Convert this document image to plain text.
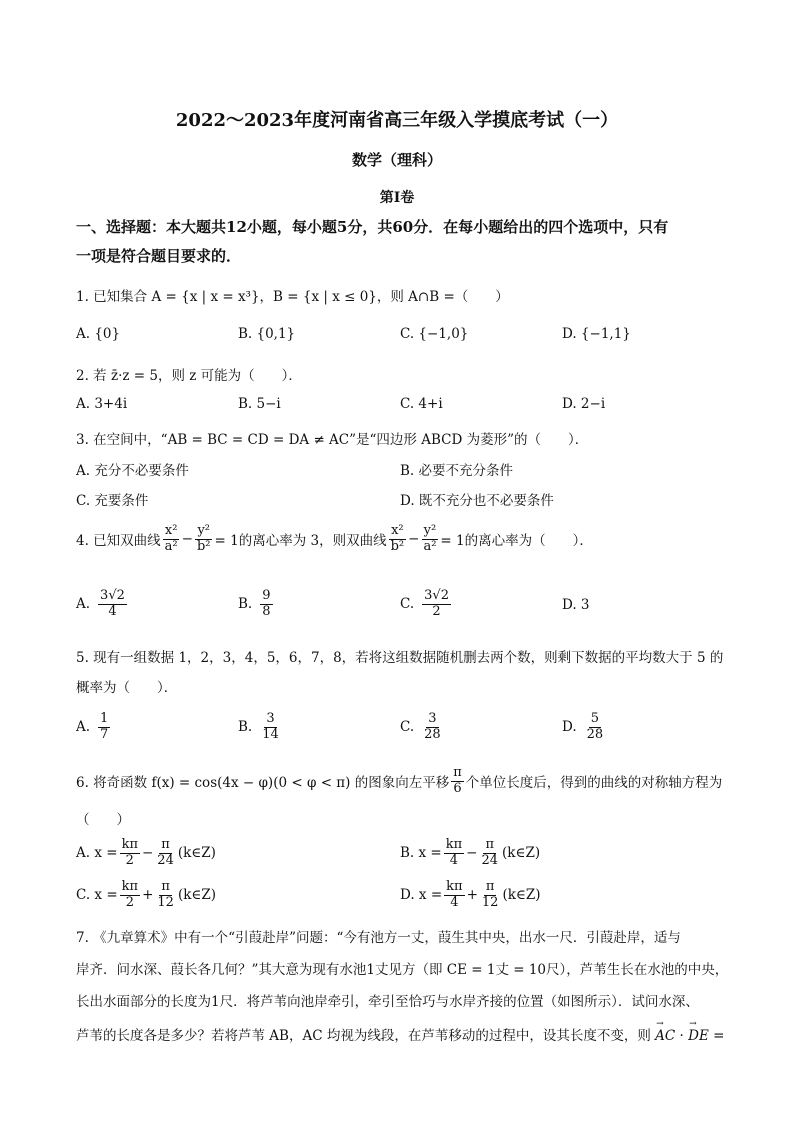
2022～2023年度河南省高三年级入学摸底考试（一）
数学（理科）
第Ⅰ卷
一、选择题：本大题共12小题，每小题5分，共60分．在每小题给出的四个选项中，只有
一项是符合题目要求的．
1. 已知集合 A = {x | x = x³}，B = {x | x ≤ 0}，则 A∩B =（　　）
A. {0}	B. {0,1}	C. {−1,0}	D. {−1,1}
2. 若 z̄·z = 5，则 z 可能为（　　）．
A. 3+4i	B. 5−i	C. 4+i	D. 2−i
3. 在空间中，“AB = BC = CD = DA ≠ AC”是“四边形 ABCD 为菱形”的（　　）．
A. 充分不必要条件	B. 必要不充分条件
C. 充要条件	D. 既不充分也不必要条件
4. 已知双曲线 $\frac{\text{x²}}{\text{a²}} - \frac{\text{y²}}{\text{b²}} = 1$的离心率为 3，则双曲线 $\frac{\text{x²}}{\text{b²}} - \frac{\text{y²}}{\text{a²}} = 1$的离心率为（　　）．
A. $\frac{3√2}{4}$	B. $\frac{9}{8}$	C. $\frac{3√2}{2}$	D. 3
5. 现有一组数据 1，2，3，4，5，6，7，8，若将这组数据随机删去两个数，则剩下数据的平均数大于 5 的
概率为（　　）．
A. $\frac{1}{7}$	B. $\frac{3}{14}$	C. $\frac{3}{28}$	D. $\frac{5}{28}$
6. 将奇函数 f(x) = cos(4x − φ)(0 < φ < π) 的图象向左平移 $\frac{\pi}{6}$ 个单位长度后，得到的曲线的对称轴方程为
（　　）
A. $x = \frac{k\pi}{2} - \frac{\pi}{24}$ (k∈Z)	B. $x = \frac{k\pi}{4} - \frac{\pi}{24}$ (k∈Z)
C. $x = \frac{k\pi}{2} + \frac{\pi}{12}$ (k∈Z)	D. $x = \frac{k\pi}{4} + \frac{\pi}{12}$ (k∈Z)
7. 《九章算术》中有一个“引葭赴岸”问题：“今有池方一丈，葭生其中央，出水一尺．引葭赴岸，适与
岸齐．问水深、葭长各几何？”其大意为现有水池1丈见方（即 CE = 1丈 = 10尺），芦苇生长在水池的中央，
长出水面部分的长度为1尺．将芦苇向池岸牵引，牵引至恰巧与水岸齐接的位置（如图所示）．试问水深、
芦苇的长度各是多少？若将芦苇 AB，AC 均视为线段，在芦苇移动的过程中，设其长度不变，则 → AC · → DE =
